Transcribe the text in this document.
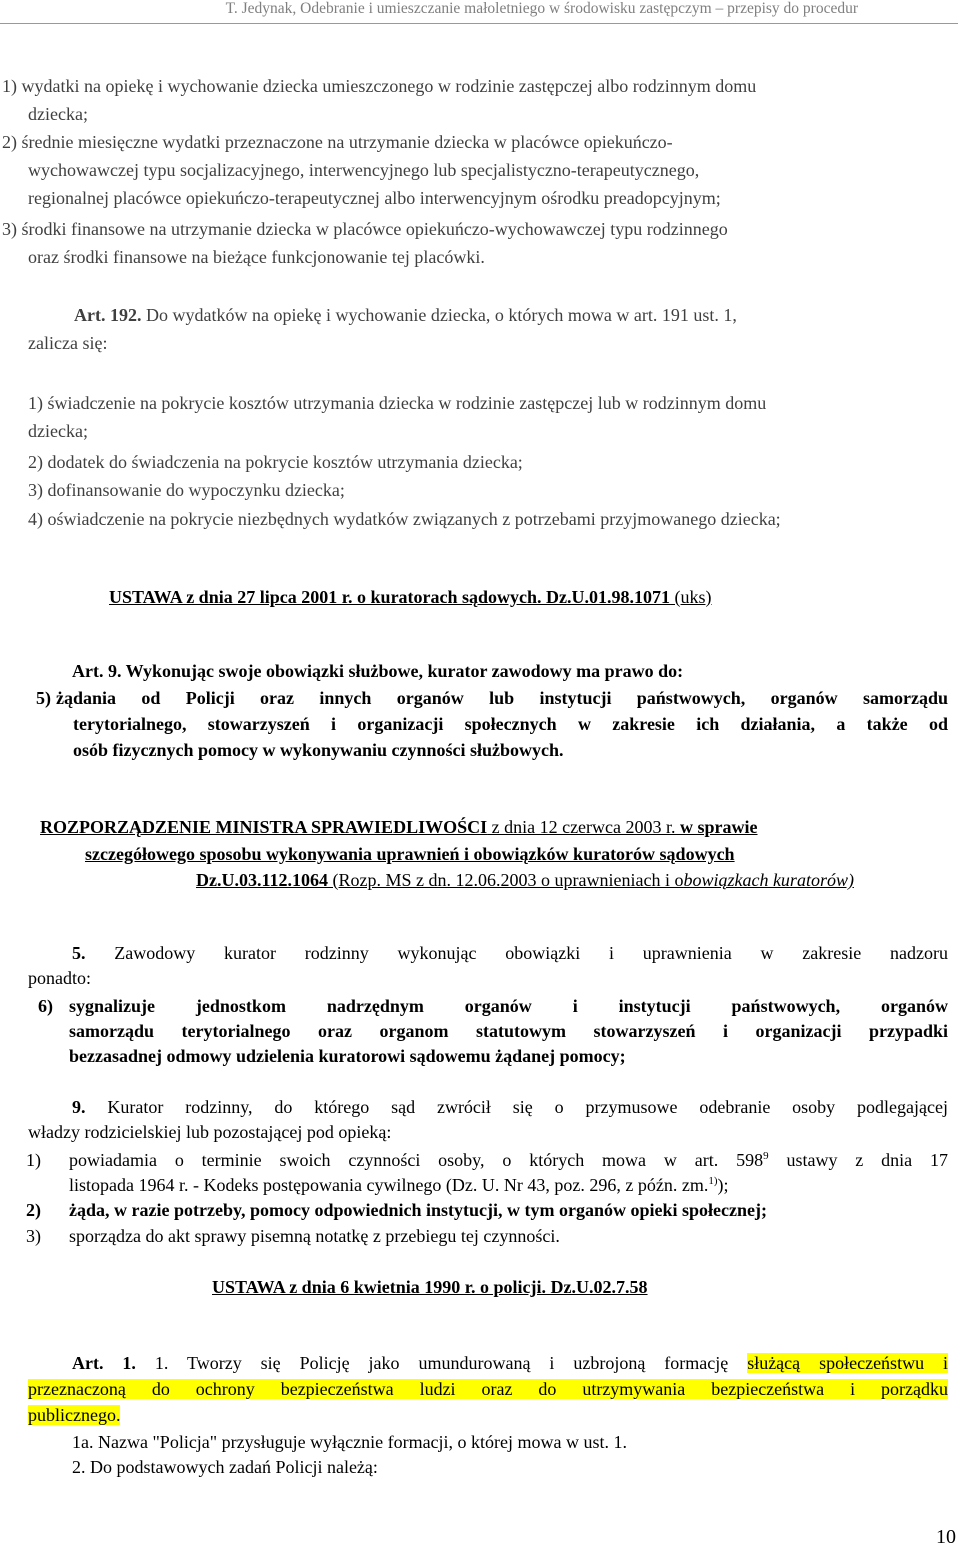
T. Jedynak, Odebranie i umieszczanie małoletniego w środowisku zastępczym – przepisy do procedur
1) wydatki na opiekę i wychowanie dziecka umieszczonego w rodzinie zastępczej albo rodzinnym domu
dziecka;
2) średnie miesięczne wydatki przeznaczone na utrzymanie dziecka w placówce opiekuńczo-
wychowawczej typu socjalizacyjnego, interwencyjnego lub specjalistyczno-terapeutycznego,
regionalnej placówce opiekuńczo-terapeutycznej albo interwencyjnym ośrodku preadopcyjnym;
3) środki finansowe na utrzymanie dziecka w placówce opiekuńczo-wychowawczej typu rodzinnego
oraz środki finansowe na bieżące funkcjonowanie tej placówki.
Art. 192. Do wydatków na opiekę i wychowanie dziecka, o których mowa w art. 191 ust. 1,
zalicza się:
1) świadczenie na pokrycie kosztów utrzymania dziecka w rodzinie zastępczej lub w rodzinnym domu
dziecka;
2) dodatek do świadczenia na pokrycie kosztów utrzymania dziecka;
3) dofinansowanie do wypoczynku dziecka;
4) oświadczenie na pokrycie niezbędnych wydatków związanych z potrzebami przyjmowanego dziecka;
USTAWA z dnia 27 lipca 2001 r. o kuratorach sądowych. Dz.U.01.98.1071 (uks)
Art. 9. Wykonując swoje obowiązki służbowe, kurator zawodowy ma prawo do:
5) żądania od Policji oraz innych organów lub instytucji państwowych, organów samorządu
terytorialnego, stowarzyszeń i organizacji społecznych w zakresie ich działania, a także od
osób fizycznych pomocy w wykonywaniu czynności służbowych.
ROZPORZĄDZENIE MINISTRA SPRAWIEDLIWOŚCI z dnia 12 czerwca 2003 r. w sprawie
szczegółowego sposobu wykonywania uprawnień i obowiązków kuratorów sądowych
Dz.U.03.112.1064 (Rozp. MS z dn. 12.06.2003 o uprawnieniach i obowiązkach kuratorów)
5. Zawodowy kurator rodzinny wykonując obowiązki i uprawnienia w zakresie nadzoru
ponadto:
6) sygnalizuje jednostkom nadrzędnym organów i instytucji państwowych, organów
samorządu terytorialnego oraz organom statutowym stowarzyszeń i organizacji przypadki
bezzasadnej odmowy udzielenia kuratorowi sądowemu żądanej pomocy;
9. Kurator rodzinny, do którego sąd zwrócił się o przymusowe odebranie osoby podlegającej
władzy rodzicielskiej lub pozostającej pod opieką:
1) powiadamia o terminie swoich czynności osoby, o których mowa w art. $598^9$ ustawy z dnia 17
listopada 1964 r. - Kodeks postępowania cywilnego (Dz. U. Nr 43, poz. 296, z późn. zm.$^{1)}$);
2) żąda, w razie potrzeby, pomocy odpowiednich instytucji, w tym organów opieki społecznej;
3) sporządza do akt sprawy pisemną notatkę z przebiegu tej czynności.
USTAWA z dnia 6 kwietnia 1990 r. o policji. Dz.U.02.7.58
Art. 1. 1. Tworzy się Policję jako umundurowaną i uzbrojoną formację służącą społeczeństwu i
przeznaczoną do ochrony bezpieczeństwa ludzi oraz do utrzymywania bezpieczeństwa i porządku
publicznego.
1a. Nazwa "Policja" przysługuje wyłącznie formacji, o której mowa w ust. 1.
2. Do podstawowych zadań Policji należą:
10
